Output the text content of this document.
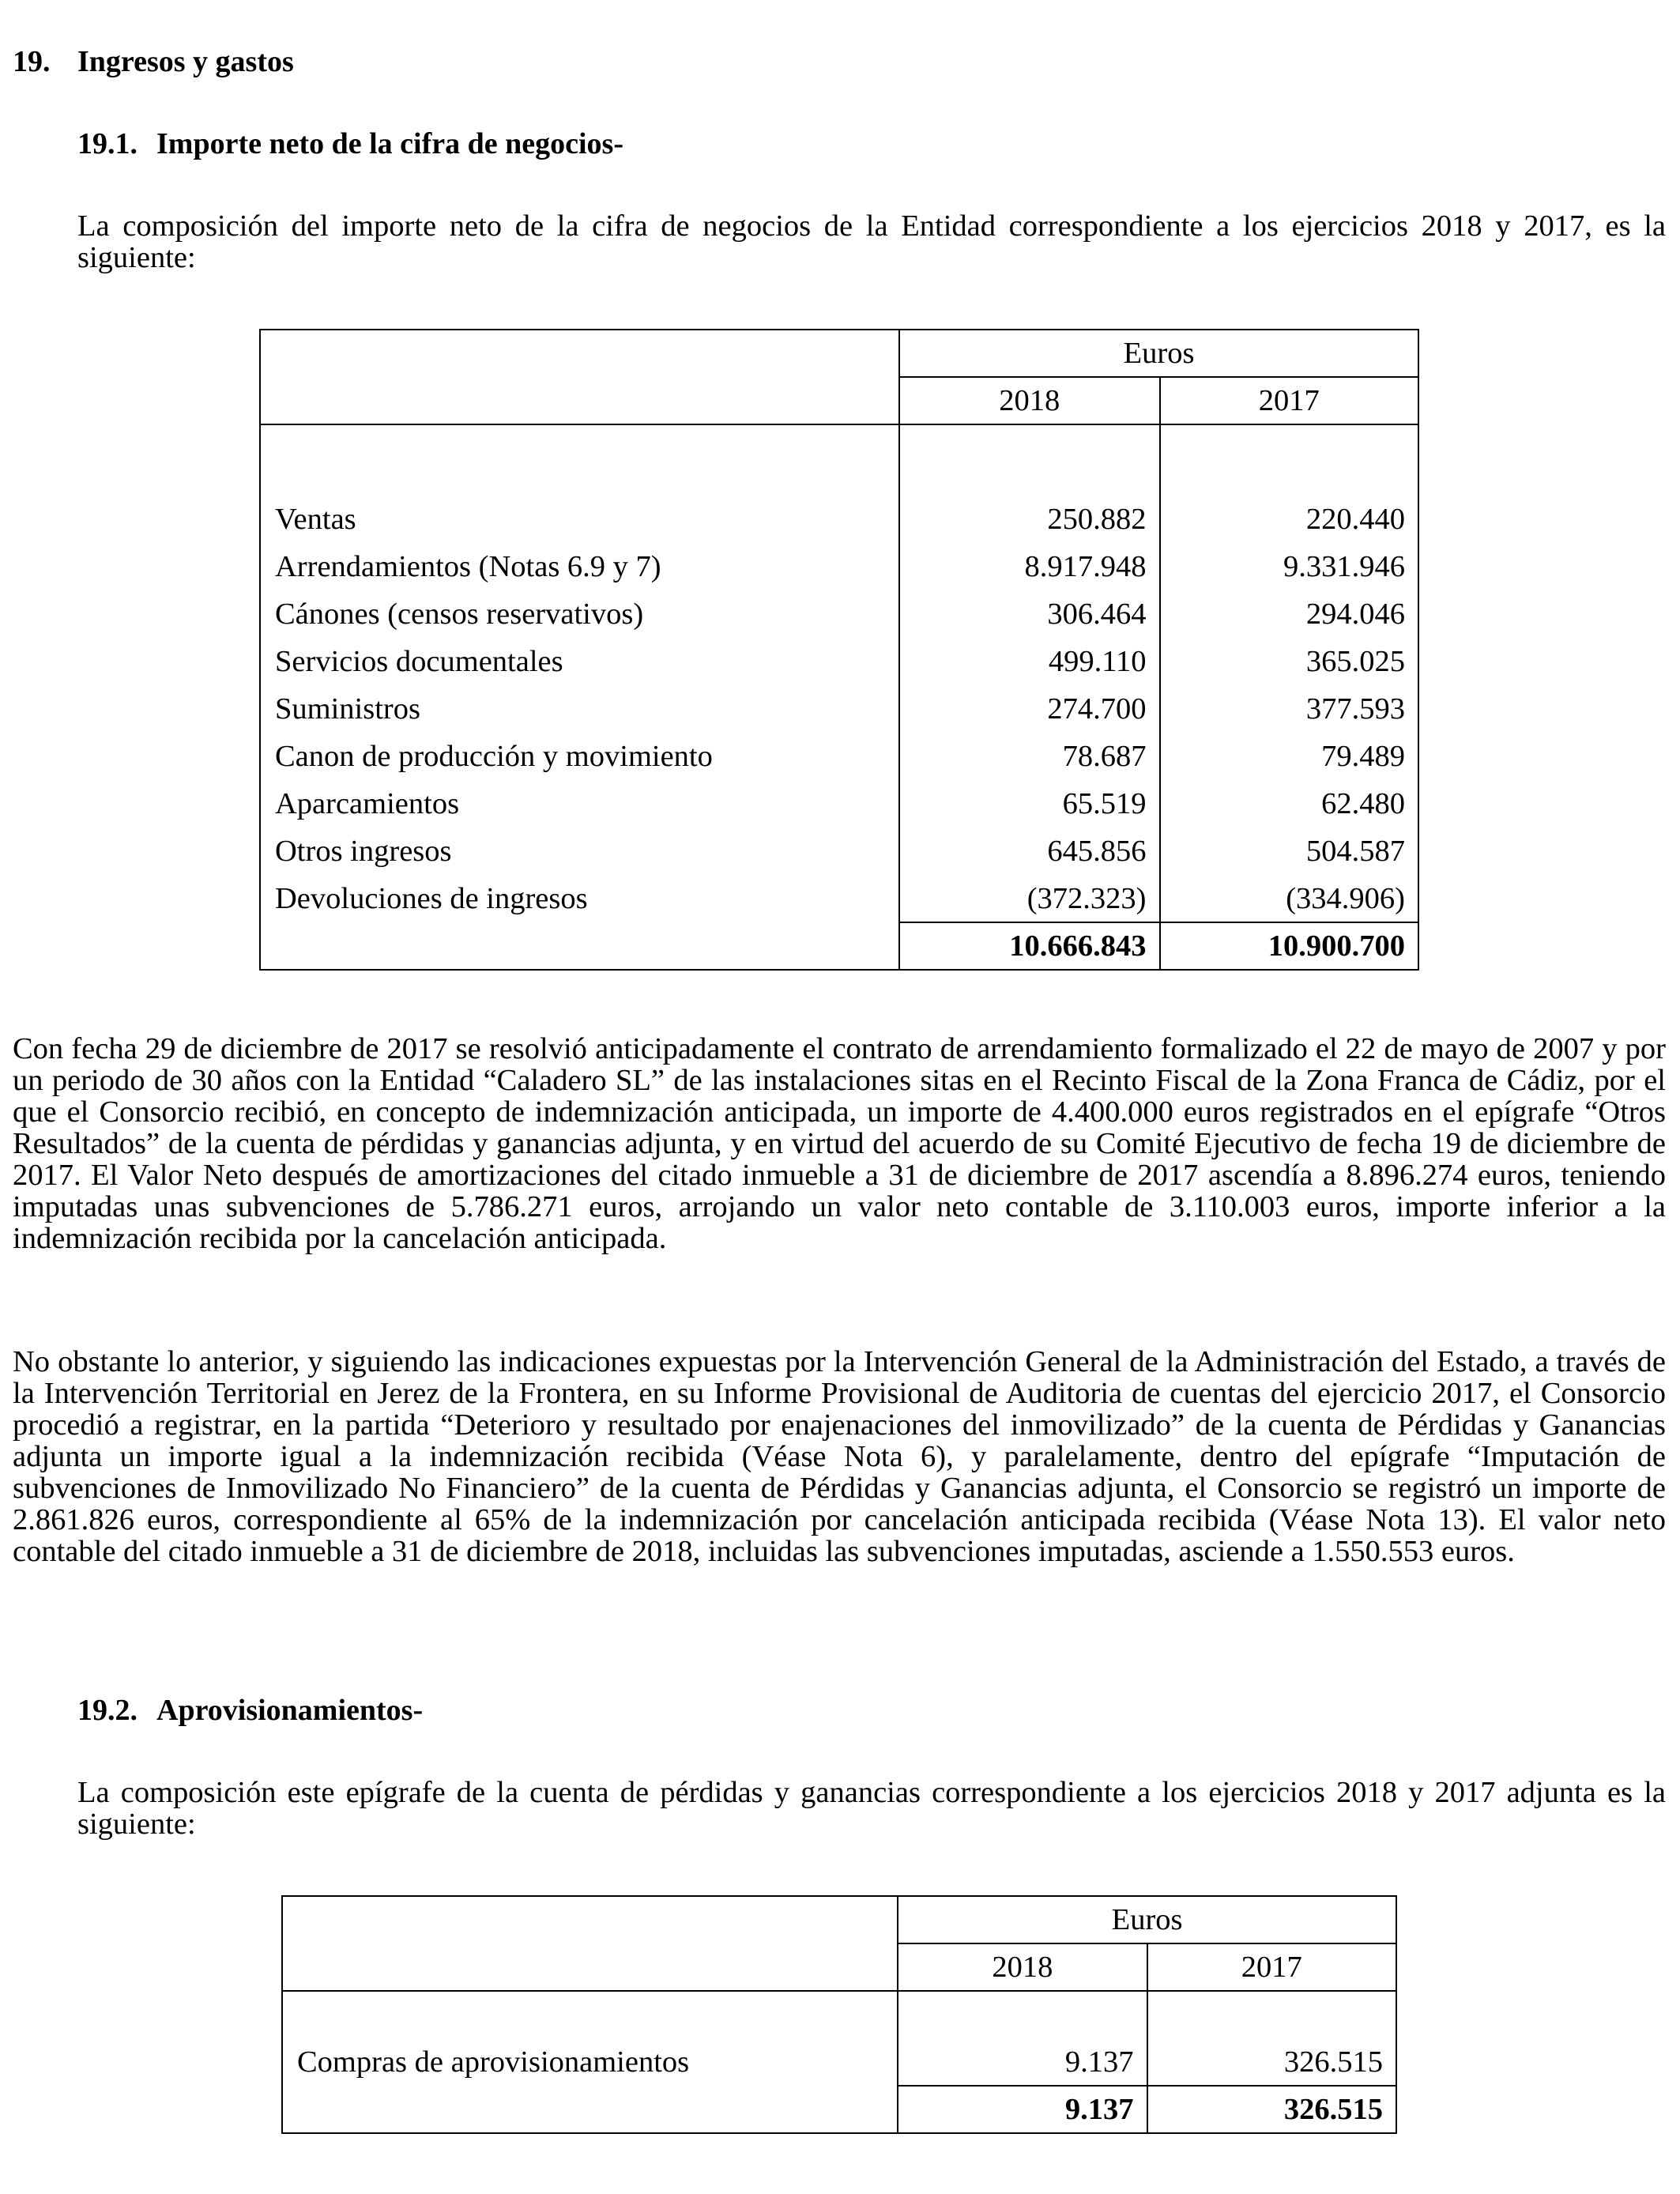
19. Ingresos y gastos
19.1. Importe neto de la cifra de negocios-

La composición del importe neto de la cifra de negocios de la Entidad correspondiente a los ejercicios 2018 y 2017, es la siguiente:

	Euros	
	2018	2017

Ventas	250.882	220.440
Arrendamientos (Notas 6.9 y 7)	8.917.948	9.331.946
Cánones (censos reservativos)	306.464	294.046
Servicios documentales	499.110	365.025
Suministros	274.700	377.593
Canon de producción y movimiento	78.687	79.489
Aparcamientos	65.519	62.480
Otros ingresos	645.856	504.587
Devoluciones de ingresos	(372.323)	(334.906)
	10.666.843	10.900.700

Con fecha 29 de diciembre de 2017 se resolvió anticipadamente el contrato de arrendamiento formalizado el 22 de mayo de 2007 y por un periodo de 30 años con la Entidad “Caladero SL” de las instalaciones sitas en el Recinto Fiscal de la Zona Franca de Cádiz, por el que el Consorcio recibió, en concepto de indemnización anticipada, un importe de 4.400.000 euros registrados en el epígrafe “Otros Resultados” de la cuenta de pérdidas y ganancias adjunta, y en virtud del acuerdo de su Comité Ejecutivo de fecha 19 de diciembre de 2017. El Valor Neto después de amortizaciones del citado inmueble a 31 de diciembre de 2017 ascendía a 8.896.274 euros, teniendo imputadas unas subvenciones de 5.786.271 euros, arrojando un valor neto contable de 3.110.003 euros, importe inferior a la indemnización recibida por la cancelación anticipada.

No obstante lo anterior, y siguiendo las indicaciones expuestas por la Intervención General de la Administración del Estado, a través de la Intervención Territorial en Jerez de la Frontera, en su Informe Provisional de Auditoria de cuentas del ejercicio 2017, el Consorcio procedió a registrar, en la partida “Deterioro y resultado por enajenaciones del inmovilizado” de la cuenta de Pérdidas y Ganancias adjunta un importe igual a la indemnización recibida (Véase Nota 6), y paralelamente, dentro del epígrafe “Imputación de subvenciones de Inmovilizado No Financiero” de la cuenta de Pérdidas y Ganancias adjunta, el Consorcio se registró un importe de 2.861.826 euros, correspondiente al 65% de la indemnización por cancelación anticipada recibida (Véase Nota 13). El valor neto contable del citado inmueble a 31 de diciembre de 2018, incluidas las subvenciones imputadas, asciende a 1.550.553 euros.

19.2. Aprovisionamientos-

La composición este epígrafe de la cuenta de pérdidas y ganancias correspondiente a los ejercicios 2018 y 2017 adjunta es la siguiente:

	Euros	
	2018	2017

Compras de aprovisionamientos	9.137	326.515
	9.137	326.515
